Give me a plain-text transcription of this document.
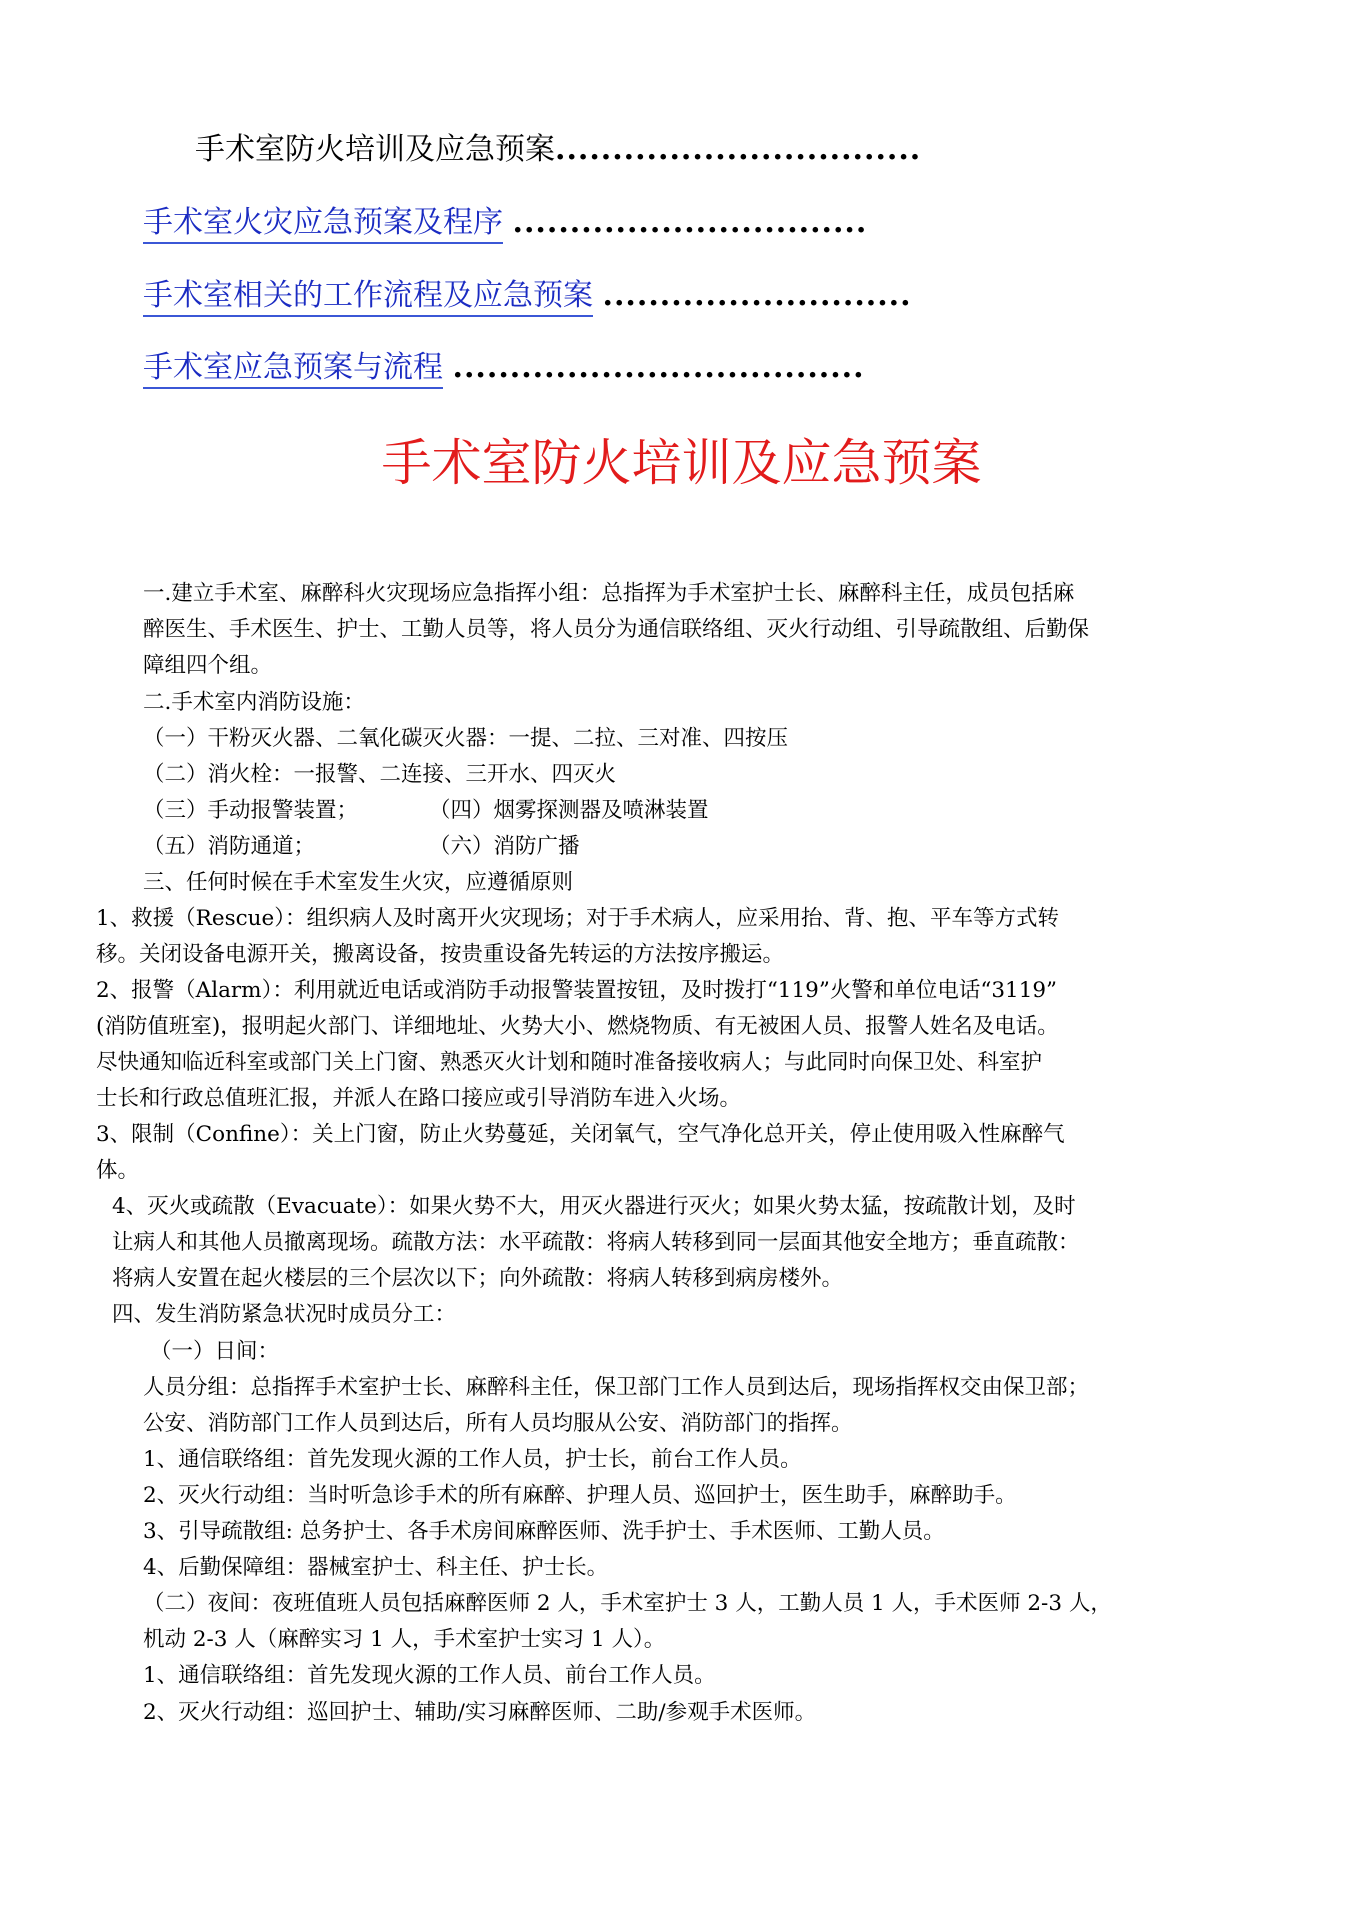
手术室防火培训及应急预案................................
手术室火灾应急预案及程序 ...............................
手术室相关的工作流程及应急预案 ...........................
手术室应急预案与流程 ....................................
手术室防火培训及应急预案
一.建立手术室、麻醉科火灾现场应急指挥小组：总指挥为手术室护士长、麻醉科主任，成员包括麻
醉医生、手术医生、护士、工勤人员等，将人员分为通信联络组、灭火行动组、引导疏散组、后勤保
障组四个组。
二.手术室内消防设施：
（一）干粉灭火器、二氧化碳灭火器：一提、二拉、三对准、四按压
（二）消火栓：一报警、二连接、三开水、四灭火
（三）手动报警装置；	（四）烟雾探测器及喷淋装置
（五）消防通道；	（六）消防广播
三、任何时候在手术室发生火灾，应遵循原则
1、救援（Rescue）：组织病人及时离开火灾现场；对于手术病人，应采用抬、背、抱、平车等方式转
移。关闭设备电源开关，搬离设备，按贵重设备先转运的方法按序搬运。
2、报警（Alarm）：利用就近电话或消防手动报警装置按钮，及时拨打“119”火警和单位电话“3119”
(消防值班室)，报明起火部门、详细地址、火势大小、燃烧物质、有无被困人员、报警人姓名及电话。
尽快通知临近科室或部门关上门窗、熟悉灭火计划和随时准备接收病人；与此同时向保卫处、科室护
士长和行政总值班汇报，并派人在路口接应或引导消防车进入火场。
3、限制（Confine）：关上门窗，防止火势蔓延，关闭氧气，空气净化总开关，停止使用吸入性麻醉气
体。
4、灭火或疏散（Evacuate）：如果火势不大，用灭火器进行灭火；如果火势太猛，按疏散计划，及时
让病人和其他人员撤离现场。疏散方法：水平疏散：将病人转移到同一层面其他安全地方；垂直疏散：
将病人安置在起火楼层的三个层次以下；向外疏散：将病人转移到病房楼外。
四、发生消防紧急状况时成员分工：
（一）日间：
人员分组：总指挥手术室护士长、麻醉科主任，保卫部门工作人员到达后，现场指挥权交由保卫部；
公安、消防部门工作人员到达后，所有人员均服从公安、消防部门的指挥。
1、通信联络组：首先发现火源的工作人员，护士长，前台工作人员。
2、灭火行动组：当时听急诊手术的所有麻醉、护理人员、巡回护士，医生助手，麻醉助手。
3、引导疏散组: 总务护士、各手术房间麻醉医师、洗手护士、手术医师、工勤人员。
4、后勤保障组：器械室护士、科主任、护士长。
（二）夜间：夜班值班人员包括麻醉医师 2 人，手术室护士 3 人，工勤人员 1 人，手术医师 2-3 人，
机动 2-3 人（麻醉实习 1 人，手术室护士实习 1 人）。
1、通信联络组：首先发现火源的工作人员、前台工作人员。
2、灭火行动组：巡回护士、辅助/实习麻醉医师、二助/参观手术医师。
